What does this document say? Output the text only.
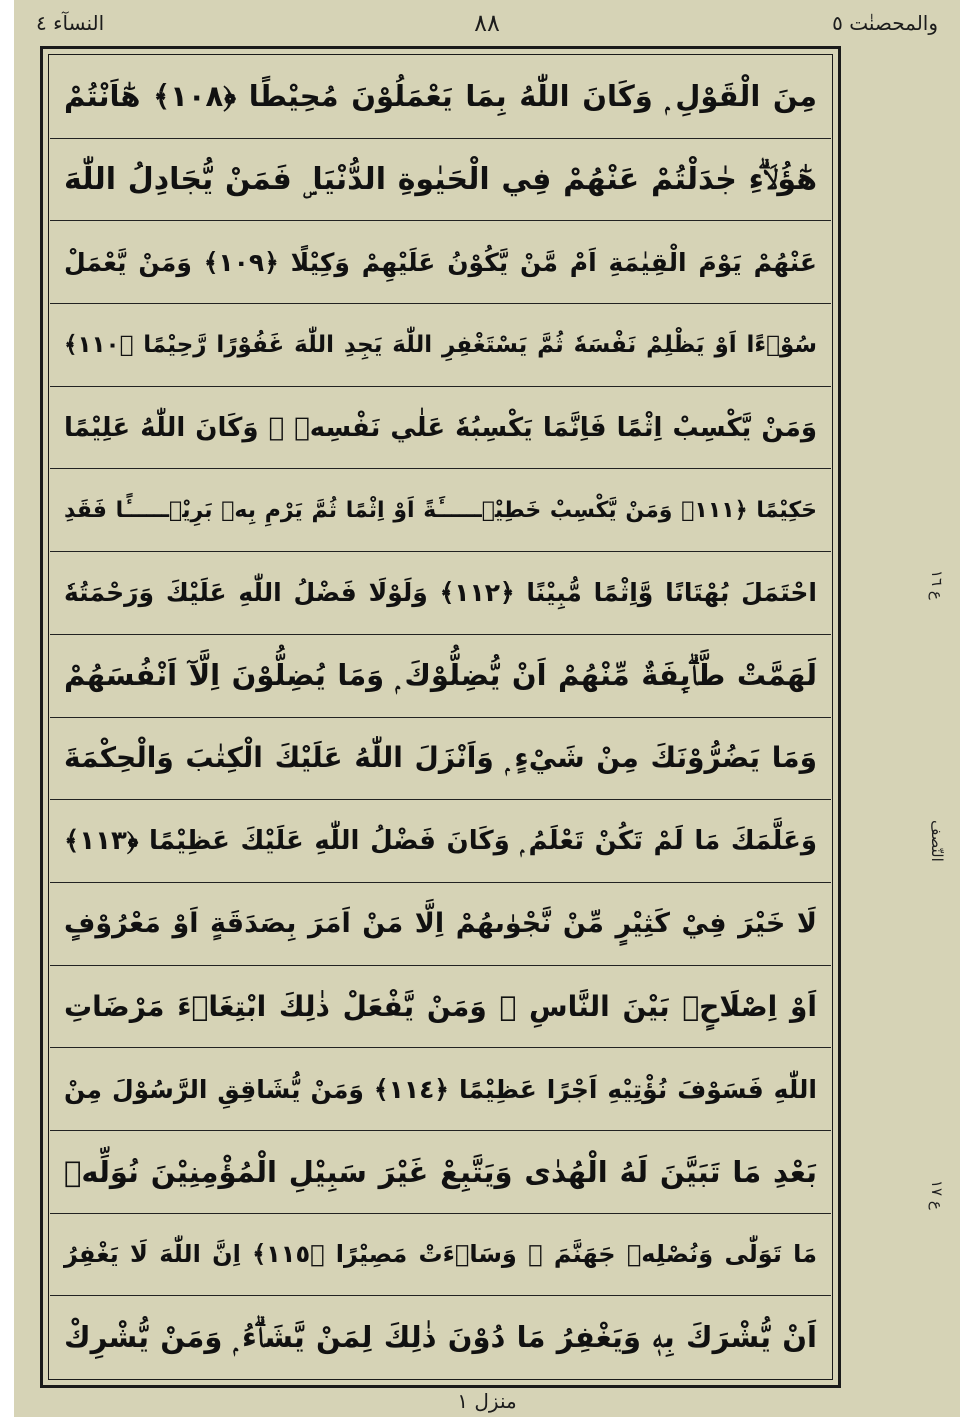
والمحصنٰت ٥
٨٨
النسآء ٤
مِنَ الْقَوْلِ ۭ وَكَانَ اللّٰهُ بِمَا يَعْمَلُوْنَ مُحِيْطًا ﴿١٠٨﴾ هٰٓاَنْتُمْ
هٰٓؤُلَاۗءِ جٰدَلْتُمْ عَنْھُمْ فِي الْحَيٰوةِ الدُّنْيَا ۣ فَمَنْ يُّجَادِلُ اللّٰهَ
عَنْھُمْ يَوْمَ الْقِيٰمَةِ اَمْ مَّنْ يَّكُوْنُ عَلَيْهِمْ وَكِيْلًا ﴿١٠٩﴾ وَمَنْ يَّعْمَلْ
سُوْۗءًا اَوْ يَظْلِمْ نَفْسَهٗ ثُمَّ يَسْتَغْفِرِ اللّٰهَ يَجِدِ اللّٰهَ غَفُوْرًا رَّحِيْمًا ﴿١١٠﴾
وَمَنْ يَّكْسِبْ اِثْمًا فَاِنَّمَا يَكْسِبُهٗ عَلٰي نَفْسِهٖ ۭ وَكَانَ اللّٰهُ عَلِيْمًا
حَكِيْمًا ﴿١١١﴾ وَمَنْ يَّكْسِبْ خَطِيْۗــــــَٔةً اَوْ اِثْمًا ثُمَّ يَرْمِ بِهٖ بَرِيْۗــــــًٔا فَقَدِ
احْتَمَلَ بُهْتَانًا وَّاِثْمًا مُّبِيْنًا ﴿١١٢﴾ وَلَوْلَا فَضْلُ اللّٰهِ عَلَيْكَ وَرَحْمَتُهٗ
لَهَمَّتْ طَّاۗىِٕفَةٌ مِّنْھُمْ اَنْ يُّضِلُّوْكَ ۭ وَمَا يُضِلُّوْنَ اِلَّآ اَنْفُسَھُمْ
وَمَا يَضُرُّوْنَكَ مِنْ شَيْءٍ ۭ وَاَنْزَلَ اللّٰهُ عَلَيْكَ الْكِتٰبَ وَالْحِكْمَةَ
وَعَلَّمَكَ مَا لَمْ تَكُنْ تَعْلَمُ ۭ وَكَانَ فَضْلُ اللّٰهِ عَلَيْكَ عَظِيْمًا ﴿١١٣﴾
لَا خَيْرَ فِيْ كَثِيْرٍ مِّنْ نَّجْوٰىھُمْ اِلَّا مَنْ اَمَرَ بِصَدَقَةٍ اَوْ مَعْرُوْفٍ
اَوْ اِصْلَاحٍۢ بَيْنَ النَّاسِ ۭ وَمَنْ يَّفْعَلْ ذٰلِكَ ابْتِغَاۗءَ مَرْضَاتِ
اللّٰهِ فَسَوْفَ نُؤْتِيْهِ اَجْرًا عَظِيْمًا ﴿١١٤﴾ وَمَنْ يُّشَاقِقِ الرَّسُوْلَ مِنْ
بَعْدِ مَا تَبَيَّنَ لَهُ الْهُدٰى وَيَتَّبِعْ غَيْرَ سَبِيْلِ الْمُؤْمِنِيْنَ نُوَلِّهٖ
مَا تَوَلّٰى وَنُصْلِهٖ جَهَنَّمَ ۭ وَسَاۗءَتْ مَصِيْرًا ﴿١١٥﴾ اِنَّ اللّٰهَ لَا يَغْفِرُ
اَنْ يُّشْرَكَ بِهٖ وَيَغْفِرُ مَا دُوْنَ ذٰلِكَ لِمَنْ يَّشَاۗءُ ۭ وَمَنْ يُّشْرِكْ
ع ١٦
النّصف
ع ١٧
منزل ١
